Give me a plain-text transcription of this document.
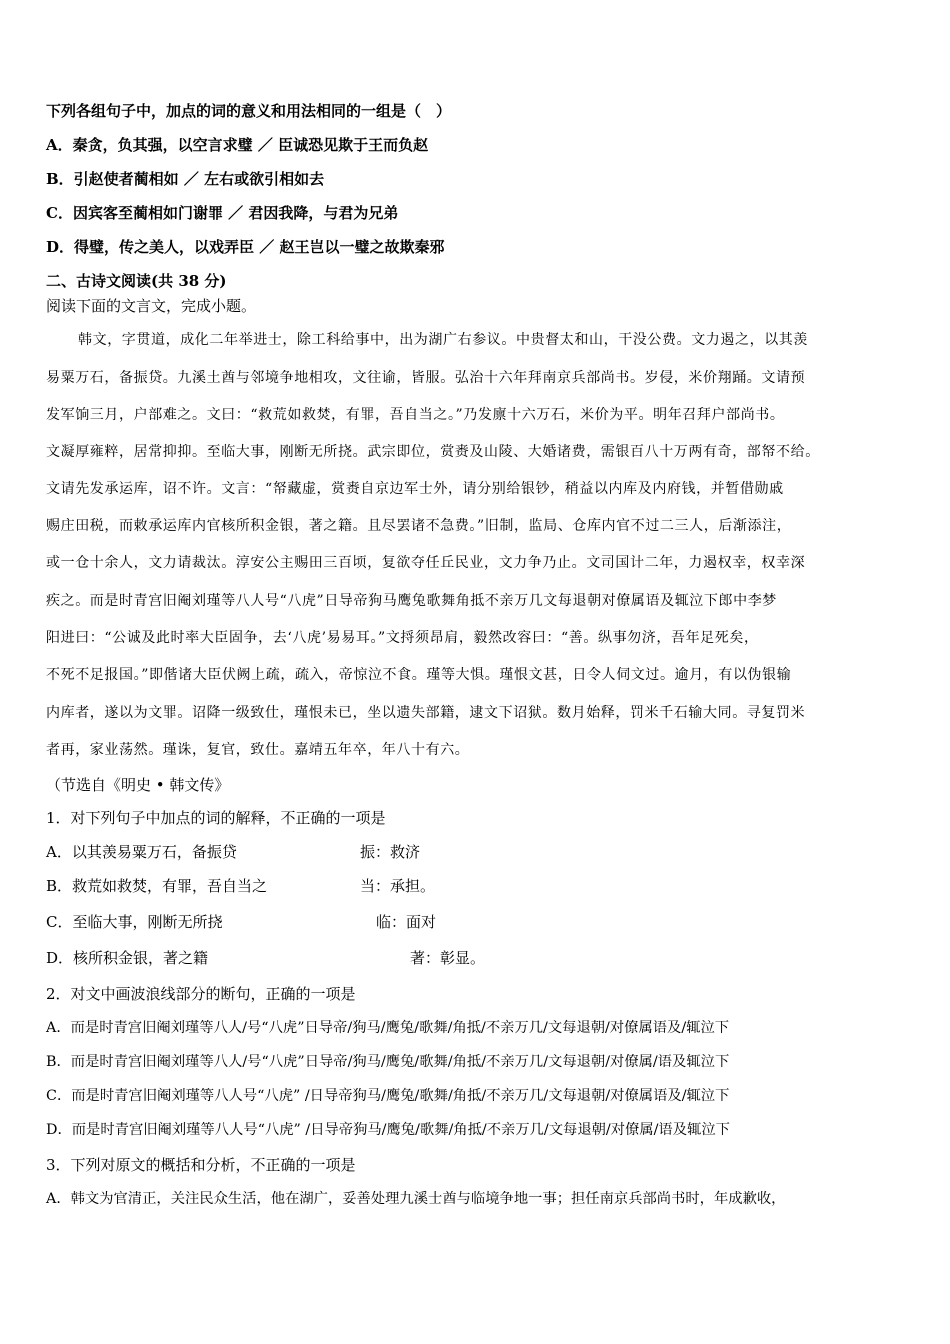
下列各组句子中，加点的词的意义和用法相同的一组是（　）
A．秦贪，负其强，以空言求璧 ／ 臣诚恐见欺于王而负赵
B．引赵使者蔺相如 ／ 左右或欲引相如去
C．因宾客至蔺相如门谢罪 ／ 君因我降，与君为兄弟
D．得璧，传之美人，以戏弄臣 ／ 赵王岂以一璧之故欺秦邪
二、古诗文阅读(共 38 分)
阅读下面的文言文，完成小题。
韩文，字贯道，成化二年举进士，除工科给事中，出为湖广右参议。中贵督太和山，干没公费。文力遏之，以其羡
易粟万石，备振贷。九溪土酋与邻境争地相攻，文往谕，皆服。弘治十六年拜南京兵部尚书。岁侵，米价翔踊。文请预
发军饷三月，户部难之。文曰：“救荒如救焚，有罪，吾自当之。”乃发廪十六万石，米价为平。明年召拜户部尚书。
文凝厚雍粹，居常抑抑。至临大事，刚断无所挠。武宗即位，赏赉及山陵、大婚诸费，需银百八十万两有奇，部帑不给。
文请先发承运库，诏不许。文言：“帑藏虚，赏赉自京边军士外，请分别给银钞，稍益以内库及内府钱，并暂借勋戚
赐庄田税，而敕承运库内官核所积金银，著之籍。且尽罢诸不急费。”旧制，监局、仓库内官不过二三人，后渐添注，
或一仓十余人，文力请裁汰。淳安公主赐田三百顷，复欲夺任丘民业，文力争乃止。文司国计二年，力遏权幸，权幸深
疾之。而是时青宫旧阉刘瑾等八人号“八虎”日导帝狗马鹰兔歌舞角抵不亲万几文每退朝对僚属语及辄泣下郎中李梦
阳进曰：“公诚及此时率大臣固争，去‘八虎’易易耳。”文捋须昂肩，毅然改容曰：“善。纵事勿济，吾年足死矣，
不死不足报国。”即偕诸大臣伏阙上疏，疏入，帝惊泣不食。瑾等大惧。瑾恨文甚，日令人伺文过。逾月，有以伪银输
内库者，遂以为文罪。诏降一级致仕，瑾恨未已，坐以遗失部籍，逮文下诏狱。数月始释，罚米千石输大同。寻复罚米
者再，家业荡然。瑾诛，复官，致仕。嘉靖五年卒，年八十有六。
（节选自《明史 • 韩文传》
1．对下列句子中加点的词的解释，不正确的一项是
A．以其羡易粟万石，备振贷	振：救济
B．救荒如救焚，有罪，吾自当之	当：承担。
C．至临大事，刚断无所挠	临：面对
D．核所积金银，著之籍	著：彰显。
2．对文中画波浪线部分的断句，正确的一项是
A．而是时青宫旧阉刘瑾等八人/号“八虎”日导帝/狗马/鹰兔/歌舞/角抵/不亲万几/文每退朝/对僚属语及/辄泣下
B．而是时青宫旧阉刘瑾等八人/号“八虎”日导帝/狗马/鹰兔/歌舞/角抵/不亲万几/文每退朝/对僚属/语及辄泣下
C．而是时青宫旧阉刘瑾等八人号“八虎” /日导帝狗马/鹰兔/歌舞/角抵/不亲万几/文每退朝/对僚属语及/辄泣下
D．而是时青宫旧阉刘瑾等八人号“八虎” /日导帝狗马/鹰兔/歌舞/角抵/不亲万几/文每退朝/对僚属/语及辄泣下
3．下列对原文的概括和分析，不正确的一项是
A．韩文为官清正，关注民众生活，他在湖广，妥善处理九溪士酋与临境争地一事；担任南京兵部尚书时，年成歉收，
